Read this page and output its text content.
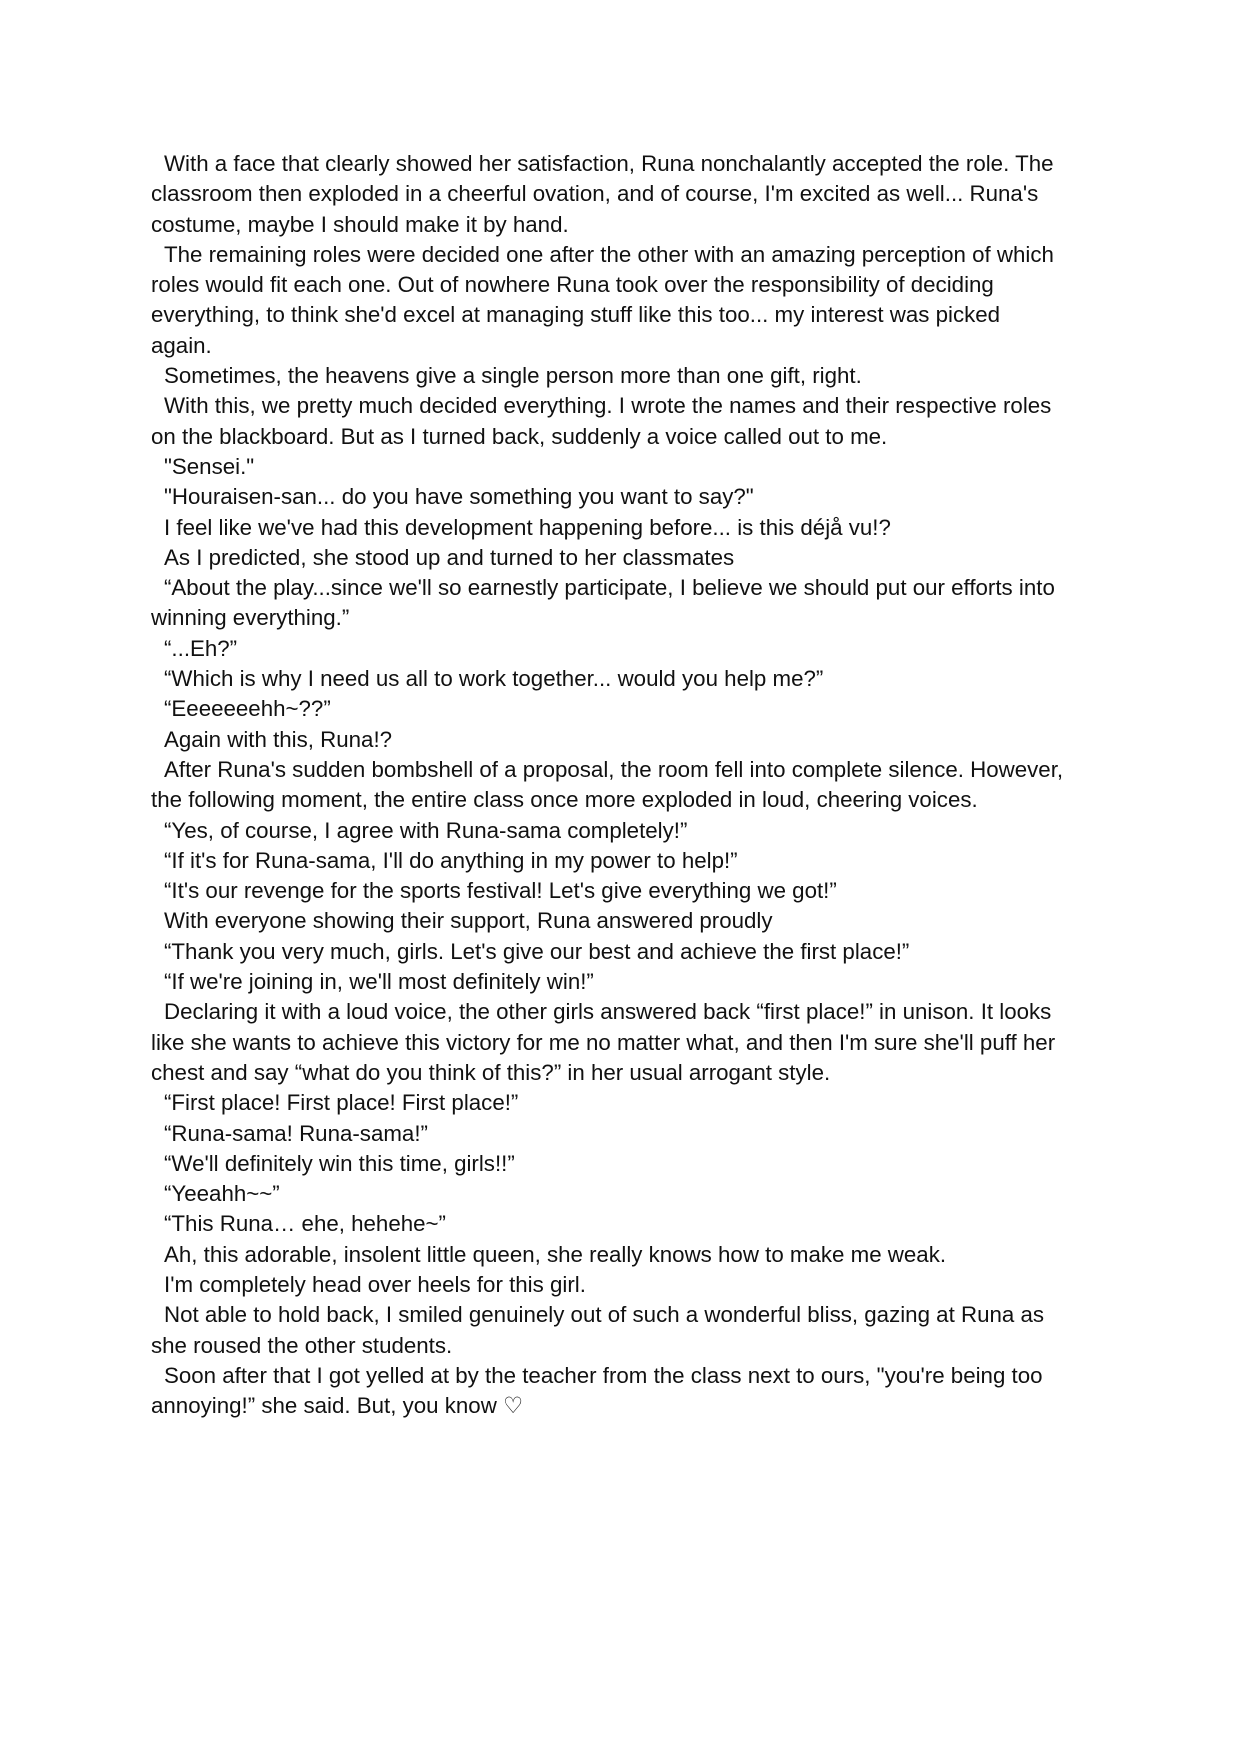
With a face that clearly showed her satisfaction, Runa nonchalantly accepted the role. The
classroom then exploded in a cheerful ovation, and of course, I'm excited as well... Runa's
costume, maybe I should make it by hand.
The remaining roles were decided one after the other with an amazing perception of which
roles would fit each one. Out of nowhere Runa took over the responsibility of deciding
everything, to think she'd excel at managing stuff like this too... my interest was picked
again.
Sometimes, the heavens give a single person more than one gift, right.
With this, we pretty much decided everything. I wrote the names and their respective roles
on the blackboard. But as I turned back, suddenly a voice called out to me.
"Sensei."
"Houraisen-san... do you have something you want to say?"
I feel like we've had this development happening before... is this déjå vu!?
As I predicted, she stood up and turned to her classmates
“About the play...since we'll so earnestly participate, I believe we should put our efforts into
winning everything.”
“...Eh?”
“Which is why I need us all to work together... would you help me?”
“Eeeeeeehh~??”
Again with this, Runa!?
After Runa's sudden bombshell of a proposal, the room fell into complete silence. However,
the following moment, the entire class once more exploded in loud, cheering voices.
“Yes, of course, I agree with Runa-sama completely!”
“If it's for Runa-sama, I'll do anything in my power to help!”
“It's our revenge for the sports festival! Let's give everything we got!”
With everyone showing their support, Runa answered proudly
“Thank you very much, girls. Let's give our best and achieve the first place!”
“If we're joining in, we'll most definitely win!”
Declaring it with a loud voice, the other girls answered back “first place!” in unison. It looks
like she wants to achieve this victory for me no matter what, and then I'm sure she'll puff her
chest and say “what do you think of this?” in her usual arrogant style.
“First place! First place! First place!”
“Runa-sama! Runa-sama!”
“We'll definitely win this time, girls!!”
“Yeeahh~~”
“This Runa… ehe, hehehe~”
Ah, this adorable, insolent little queen, she really knows how to make me weak.
I'm completely head over heels for this girl.
Not able to hold back, I smiled genuinely out of such a wonderful bliss, gazing at Runa as
she roused the other students.
Soon after that I got yelled at by the teacher from the class next to ours, "you're being too
annoying!” she said. But, you know ♡
